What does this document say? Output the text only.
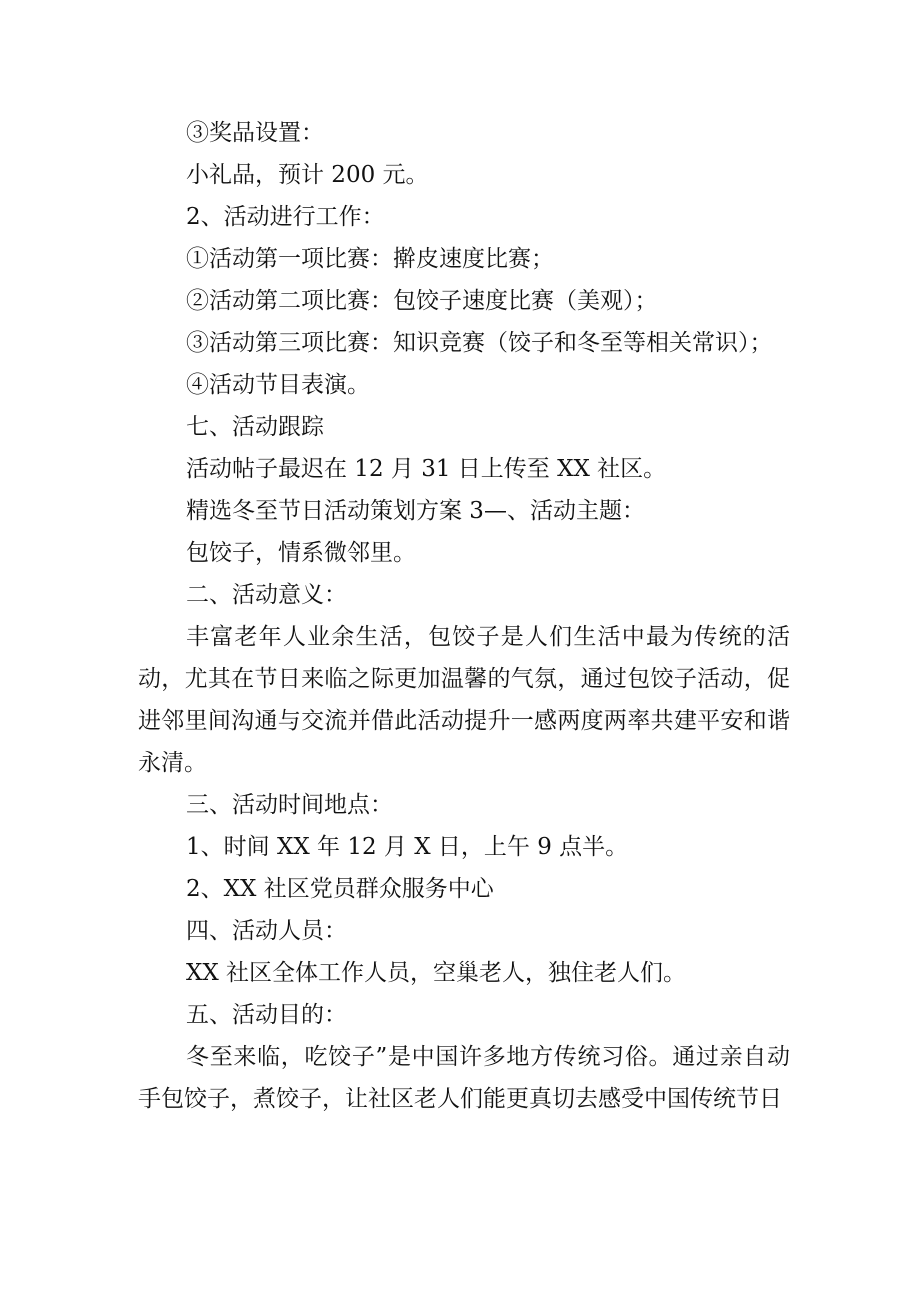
③奖品设置：

小礼品，预计 200 元。

2、活动进行工作：

①活动第一项比赛：擀皮速度比赛；

②活动第二项比赛：包饺子速度比赛（美观）；

③活动第三项比赛：知识竞赛（饺子和冬至等相关常识）；

④活动节目表演。

七、活动跟踪

活动帖子最迟在 12 月 31 日上传至 XX 社区。

精选冬至节日活动策划方案 3—、活动主题：

包饺子，情系微邻里。

二、活动意义：

丰富老年人业余生活，包饺子是人们生活中最为传统的活动，尤其在节日来临之际更加温馨的气氛，通过包饺子活动，促进邻里间沟通与交流并借此活动提升一感两度两率共建平安和谐永清。

三、活动时间地点：

1、时间 XX 年 12 月 X 日，上午 9 点半。

2、XX 社区党员群众服务中心

四、活动人员：

XX 社区全体工作人员，空巢老人，独住老人们。

五、活动目的：

冬至来临，吃饺子”是中国许多地方传统习俗。通过亲自动手包饺子，煮饺子，让社区老人们能更真切去感受中国传统节日
